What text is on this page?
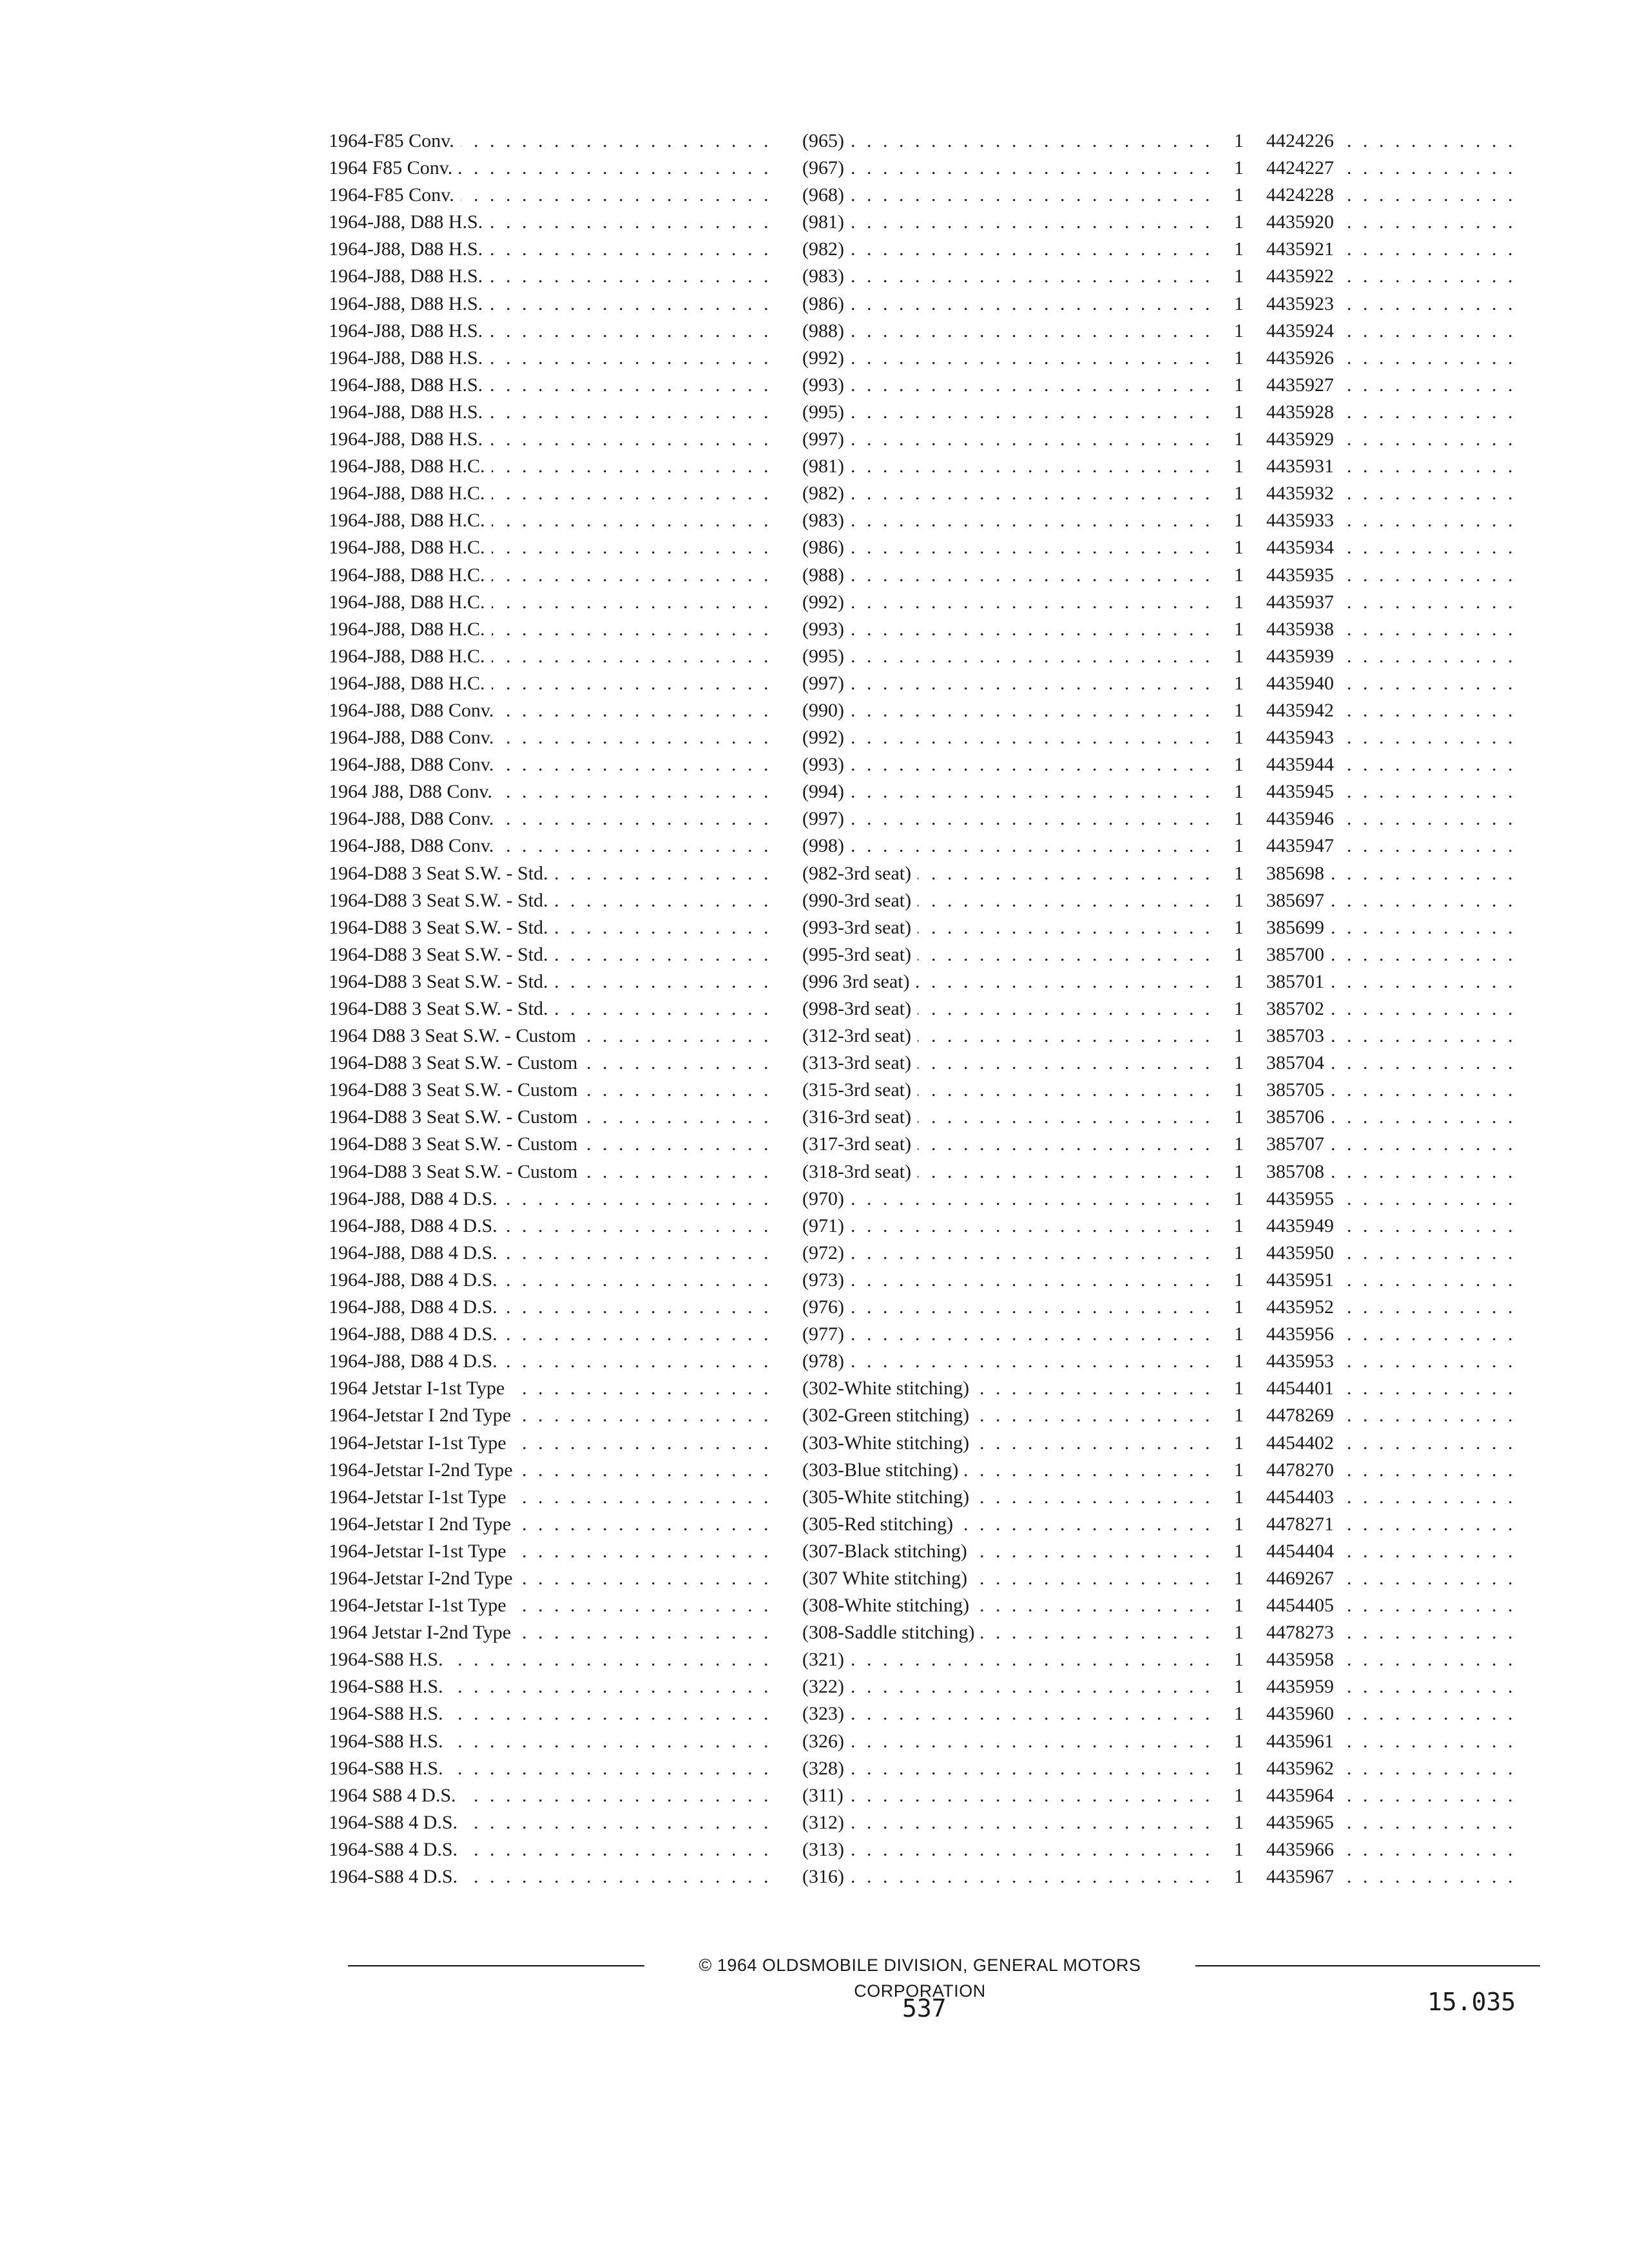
. . .
. . .
. . .
1964-F85 Conv.	(965)	1	4424226
. . .
. . .
. . .
1964 F85 Conv.	(967)	1	4424227
. . .
. . .
. . .
1964-F85 Conv.	(968)	1	4424228
. . .
. . .
. . .
1964-J88, D88 H.S.	(981)	1	4435920
. . .
. . .
. . .
1964-J88, D88 H.S.	(982)	1	4435921
. . .
. . .
. . .
1964-J88, D88 H.S.	(983)	1	4435922
. . .
. . .
. . .
1964-J88, D88 H.S.	(986)	1	4435923
. . .
. . .
. . .
1964-J88, D88 H.S.	(988)	1	4435924
. . .
. . .
. . .
1964-J88, D88 H.S.	(992)	1	4435926
. . .
. . .
. . .
1964-J88, D88 H.S.	(993)	1	4435927
. . .
. . .
. . .
1964-J88, D88 H.S.	(995)	1	4435928
. . .
. . .
. . .
1964-J88, D88 H.S.	(997)	1	4435929
. . .
. . .
. . .
1964-J88, D88 H.C.	(981)	1	4435931
. . .
. . .
. . .
1964-J88, D88 H.C.	(982)	1	4435932
. . .
. . .
. . .
1964-J88, D88 H.C.	(983)	1	4435933
. . .
. . .
. . .
1964-J88, D88 H.C.	(986)	1	4435934
. . .
. . .
. . .
1964-J88, D88 H.C.	(988)	1	4435935
. . .
. . .
. . .
1964-J88, D88 H.C.	(992)	1	4435937
. . .
. . .
. . .
1964-J88, D88 H.C.	(993)	1	4435938
. . .
. . .
. . .
1964-J88, D88 H.C.	(995)	1	4435939
. . .
. . .
. . .
1964-J88, D88 H.C.	(997)	1	4435940
. . .
. . .
. . .
1964-J88, D88 Conv.	(990)	1	4435942
. . .
. . .
. . .
1964-J88, D88 Conv.	(992)	1	4435943
. . .
. . .
. . .
1964-J88, D88 Conv.	(993)	1	4435944
. . .
. . .
. . .
1964 J88, D88 Conv.	(994)	1	4435945
. . .
. . .
. . .
1964-J88, D88 Conv.	(997)	1	4435946
. . .
. . .
. . .
1964-J88, D88 Conv.	(998)	1	4435947
. . .
. . .
. . .
1964-D88 3 Seat S.W. - Std.	(982-3rd seat)	1	385698
. . .
. . .
. . .
1964-D88 3 Seat S.W. - Std.	(990-3rd seat)	1	385697
. . .
. . .
. . .
1964-D88 3 Seat S.W. - Std.	(993-3rd seat)	1	385699
. . .
. . .
. . .
1964-D88 3 Seat S.W. - Std.	(995-3rd seat)	1	385700
. . .
. . .
. . .
1964-D88 3 Seat S.W. - Std.	(996 3rd seat)	1	385701
. . .
. . .
. . .
1964-D88 3 Seat S.W. - Std.	(998-3rd seat)	1	385702
. . .
. . .
. . .
1964 D88 3 Seat S.W. - Custom	(312-3rd seat)	1	385703
. . .
. . .
. . .
1964-D88 3 Seat S.W. - Custom	(313-3rd seat)	1	385704
. . .
. . .
. . .
1964-D88 3 Seat S.W. - Custom	(315-3rd seat)	1	385705
. . .
. . .
. . .
1964-D88 3 Seat S.W. - Custom	(316-3rd seat)	1	385706
. . .
. . .
. . .
1964-D88 3 Seat S.W. - Custom	(317-3rd seat)	1	385707
. . .
. . .
. . .
1964-D88 3 Seat S.W. - Custom	(318-3rd seat)	1	385708
. . .
. . .
. . .
1964-J88, D88 4 D.S.	(970)	1	4435955
. . .
. . .
. . .
1964-J88, D88 4 D.S.	(971)	1	4435949
. . .
. . .
. . .
1964-J88, D88 4 D.S.	(972)	1	4435950
. . .
. . .
. . .
1964-J88, D88 4 D.S.	(973)	1	4435951
. . .
. . .
. . .
1964-J88, D88 4 D.S.	(976)	1	4435952
. . .
. . .
. . .
1964-J88, D88 4 D.S.	(977)	1	4435956
. . .
. . .
. . .
1964-J88, D88 4 D.S.	(978)	1	4435953
. . .
. . .
. . .
1964 Jetstar I-1st Type	(302-White stitching)	1	4454401
. . .
. . .
. . .
1964-Jetstar I 2nd Type	(302-Green stitching)	1	4478269
. . .
. . .
. . .
1964-Jetstar I-1st Type	(303-White stitching)	1	4454402
. . .
. . .
. . .
1964-Jetstar I-2nd Type	(303-Blue stitching)	1	4478270
. . .
. . .
. . .
1964-Jetstar I-1st Type	(305-White stitching)	1	4454403
. . .
. . .
. . .
1964-Jetstar I 2nd Type	(305-Red stitching)	1	4478271
. . .
. . .
. . .
1964-Jetstar I-1st Type	(307-Black stitching)	1	4454404
. . .
. . .
. . .
1964-Jetstar I-2nd Type	(307 White stitching)	1	4469267
. . .
. . .
. . .
1964-Jetstar I-1st Type	(308-White stitching)	1	4454405
. . .
. . .
. . .
1964 Jetstar I-2nd Type	(308-Saddle stitching)	1	4478273
. . .
. . .
. . .
1964-S88 H.S.	(321)	1	4435958
. . .
. . .
. . .
1964-S88 H.S.	(322)	1	4435959
. . .
. . .
. . .
1964-S88 H.S.	(323)	1	4435960
. . .
. . .
. . .
1964-S88 H.S.	(326)	1	4435961
. . .
. . .
. . .
1964-S88 H.S.	(328)	1	4435962
. . .
. . .
. . .
1964 S88 4 D.S.	(311)	1	4435964
. . .
. . .
. . .
1964-S88 4 D.S.	(312)	1	4435965
. . .
. . .
. . .
1964-S88 4 D.S.	(313)	1	4435966
. . .
. . .
. . .
1964-S88 4 D.S.	(316)	1	4435967
© 1964 OLDSMOBILE DIVISION, GENERAL MOTORS CORPORATION
537	15.035
